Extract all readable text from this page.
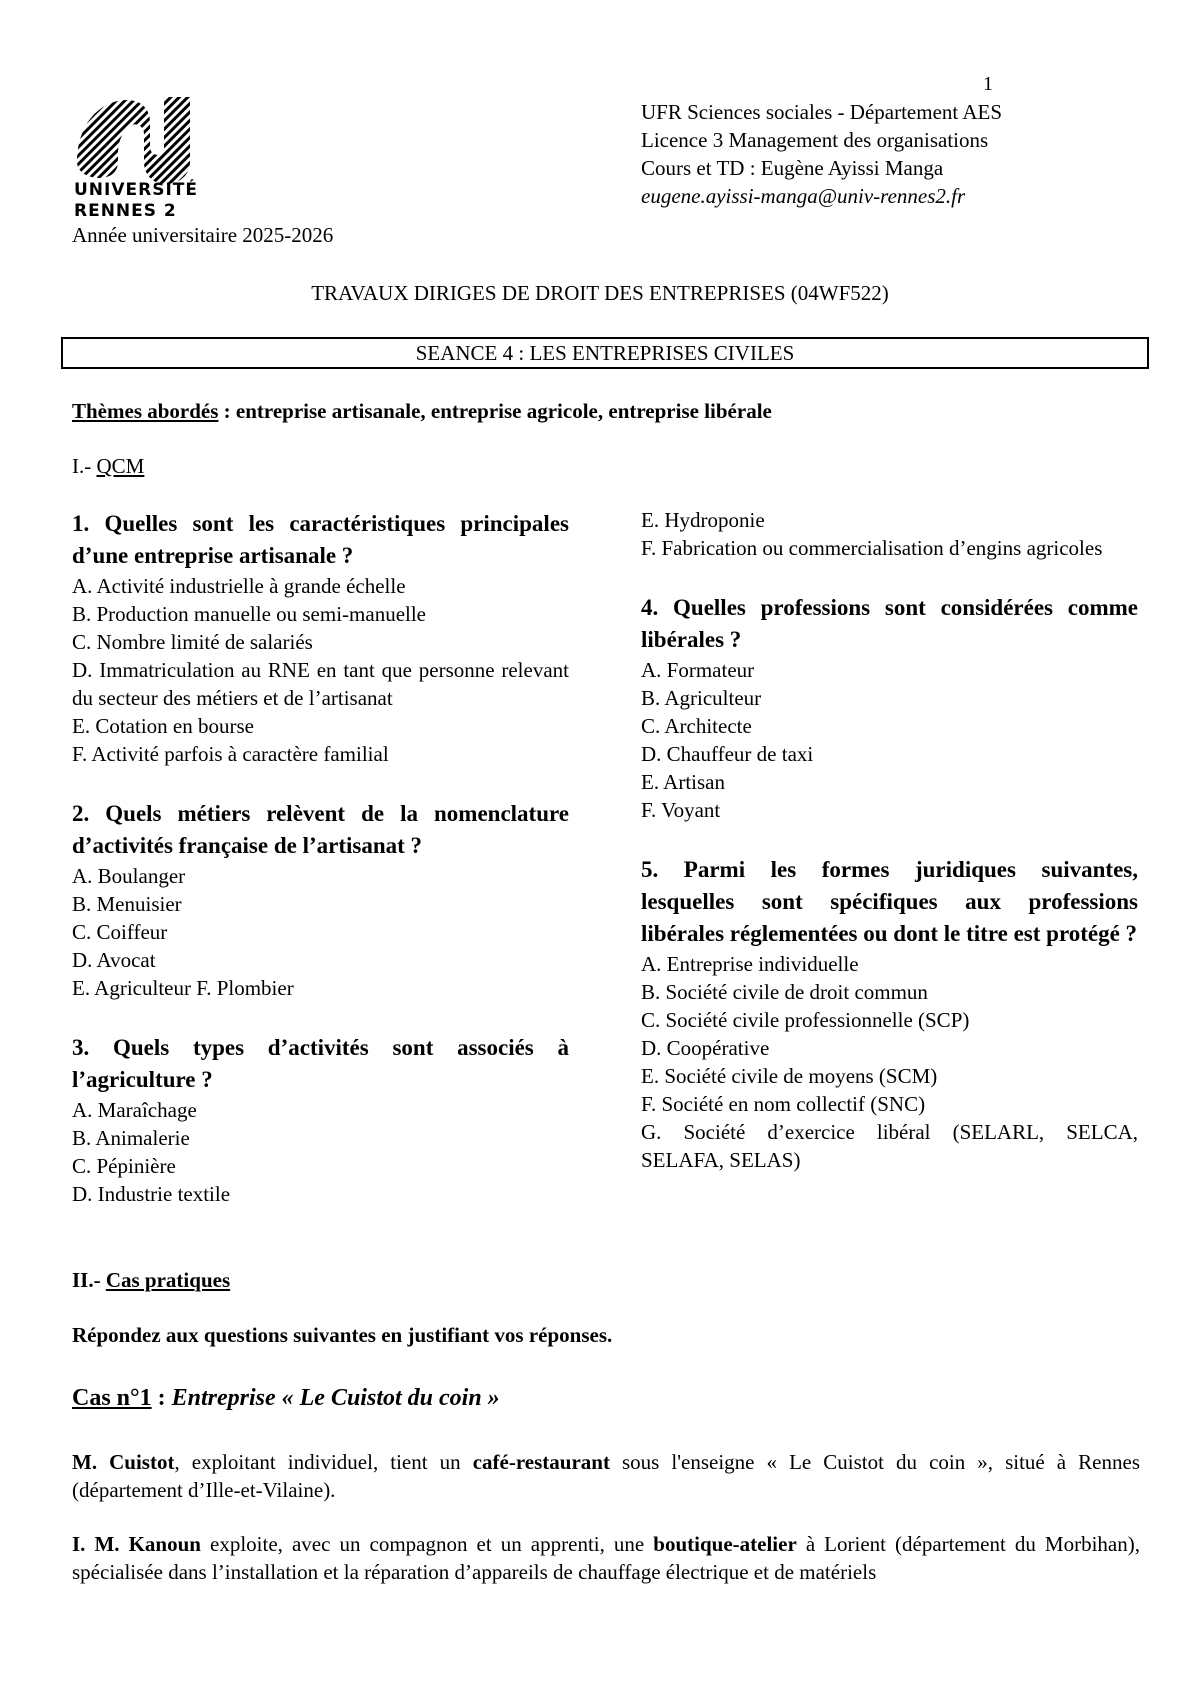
1
UNIVERSITÉ
RENNES 2
Année universitaire 2025-2026
UFR Sciences sociales - Département AES
Licence 3 Management des organisations
Cours et TD : Eugène Ayissi Manga
eugene.ayissi-manga@univ-rennes2.fr
TRAVAUX DIRIGES DE DROIT DES ENTREPRISES (04WF522)
SEANCE 4 : LES ENTREPRISES CIVILES
Thèmes abordés : entreprise artisanale, entreprise agricole, entreprise libérale
I.- QCM
1. Quelles sont les caractéristiques principales d’une entreprise artisanale ?
A. Activité industrielle à grande échelle
B. Production manuelle ou semi-manuelle
C. Nombre limité de salariés
D. Immatriculation au RNE en tant que personne relevant du secteur des métiers et de l’artisanat
E. Cotation en bourse
F. Activité parfois à caractère familial
2. Quels métiers relèvent de la nomenclature d’activités française de l’artisanat ?
A. Boulanger
B. Menuisier
C. Coiffeur
D. Avocat
E. Agriculteur F. Plombier
3. Quels types d’activités sont associés à l’agriculture ?
A. Maraîchage
B. Animalerie
C. Pépinière
D. Industrie textile
E. Hydroponie
F. Fabrication ou commercialisation d’engins agricoles
4. Quelles professions sont considérées comme libérales ?
A. Formateur
B. Agriculteur
C. Architecte
D. Chauffeur de taxi
E. Artisan
F. Voyant
5. Parmi les formes juridiques suivantes, lesquelles sont spécifiques aux professions libérales réglementées ou dont le titre est protégé ?
A. Entreprise individuelle
B. Société civile de droit commun
C. Société civile professionnelle (SCP)
D. Coopérative
E. Société civile de moyens (SCM)
F. Société en nom collectif (SNC)
G. Société d’exercice libéral (SELARL, SELCA, SELAFA, SELAS)
II.- Cas pratiques
Répondez aux questions suivantes en justifiant vos réponses.
Cas n°1 : Entreprise « Le Cuistot du coin »
M. Cuistot, exploitant individuel, tient un café-restaurant sous l'enseigne « Le Cuistot du coin », situé à Rennes (département d’Ille-et-Vilaine).
I. M. Kanoun exploite, avec un compagnon et un apprenti, une boutique-atelier à Lorient (département du Morbihan), spécialisée dans l’installation et la réparation d’appareils de chauffage électrique et de matériels
